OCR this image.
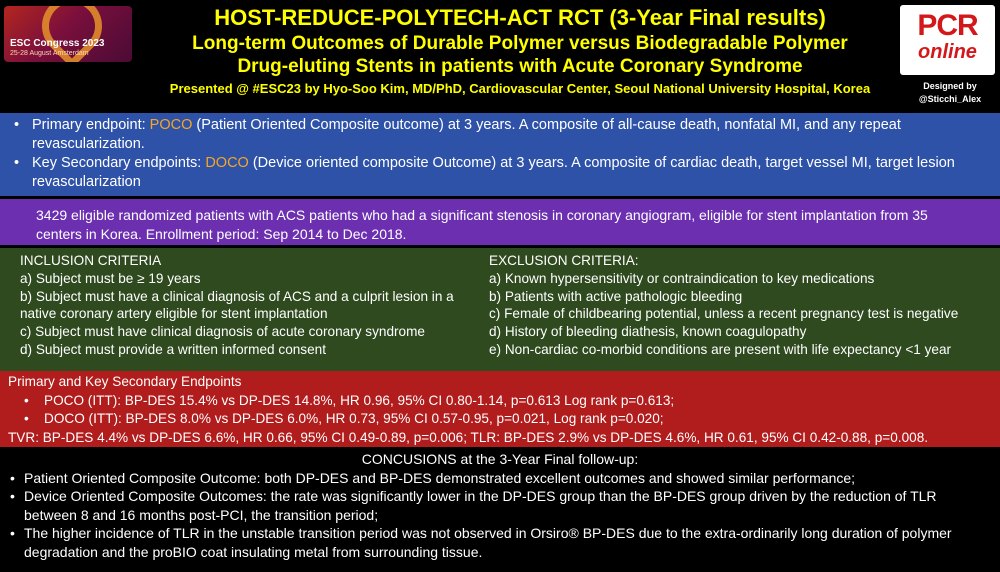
ESC Congress 2023
25-28 August Amsterdam
HOST-REDUCE-POLYTECH-ACT RCT (3-Year Final results)
Long-term Outcomes of Durable Polymer versus Biodegradable Polymer
Drug-eluting Stents in patients with Acute Coronary Syndrome
Presented @ #ESC23 by Hyo-Soo Kim, MD/PhD, Cardiovascular Center, Seoul National University Hospital, Korea
PCR
online
Designed by
@Sticchi_Alex
• Primary endpoint: POCO (Patient Oriented Composite outcome) at 3 years. A composite of all-cause death, nonfatal MI, and any repeat revascularization.
• Key Secondary endpoints: DOCO (Device oriented composite Outcome) at 3 years. A composite of cardiac death, target vessel MI, target lesion revascularization
3429 eligible randomized patients with ACS patients who had a significant stenosis in coronary angiogram, eligible for stent implantation from 35 centers in Korea. Enrollment period: Sep 2014 to Dec 2018.
INCLUSION CRITERIA
a) Subject must be ≥ 19 years
b) Subject must have a clinical diagnosis of ACS and a culprit lesion in a native coronary artery eligible for stent implantation
c) Subject must have clinical diagnosis of acute coronary syndrome
d) Subject must provide a written informed consent
EXCLUSION CRITERIA:
a) Known hypersensitivity or contraindication to key medications
b) Patients with active pathologic bleeding
c) Female of childbearing potential, unless a recent pregnancy test is negative
d) History of bleeding diathesis, known coagulopathy
e) Non-cardiac co-morbid conditions are present with life expectancy <1 year
Primary and Key Secondary Endpoints
• POCO (ITT): BP-DES 15.4% vs DP-DES 14.8%, HR 0.96, 95% CI 0.80-1.14, p=0.613 Log rank p=0.613;
• DOCO (ITT): BP-DES 8.0% vs DP-DES 6.0%, HR 0.73, 95% CI 0.57-0.95, p=0.021, Log rank p=0.020;
TVR: BP-DES 4.4% vs DP-DES 6.6%, HR 0.66, 95% CI 0.49-0.89, p=0.006; TLR: BP-DES 2.9% vs DP-DES 4.6%, HR 0.61, 95% CI 0.42-0.88, p=0.008.
CONCUSIONS at the 3-Year Final follow-up:
• Patient Oriented Composite Outcome: both DP-DES and BP-DES demonstrated excellent outcomes and showed similar performance;
• Device Oriented Composite Outcomes: the rate was significantly lower in the DP-DES group than the BP-DES group driven by the reduction of TLR between 8 and 16 months post-PCI, the transition period;
• The higher incidence of TLR in the unstable transition period was not observed in Orsiro® BP-DES due to the extra-ordinarily long duration of polymer degradation and the proBIO coat insulating metal from surrounding tissue.
